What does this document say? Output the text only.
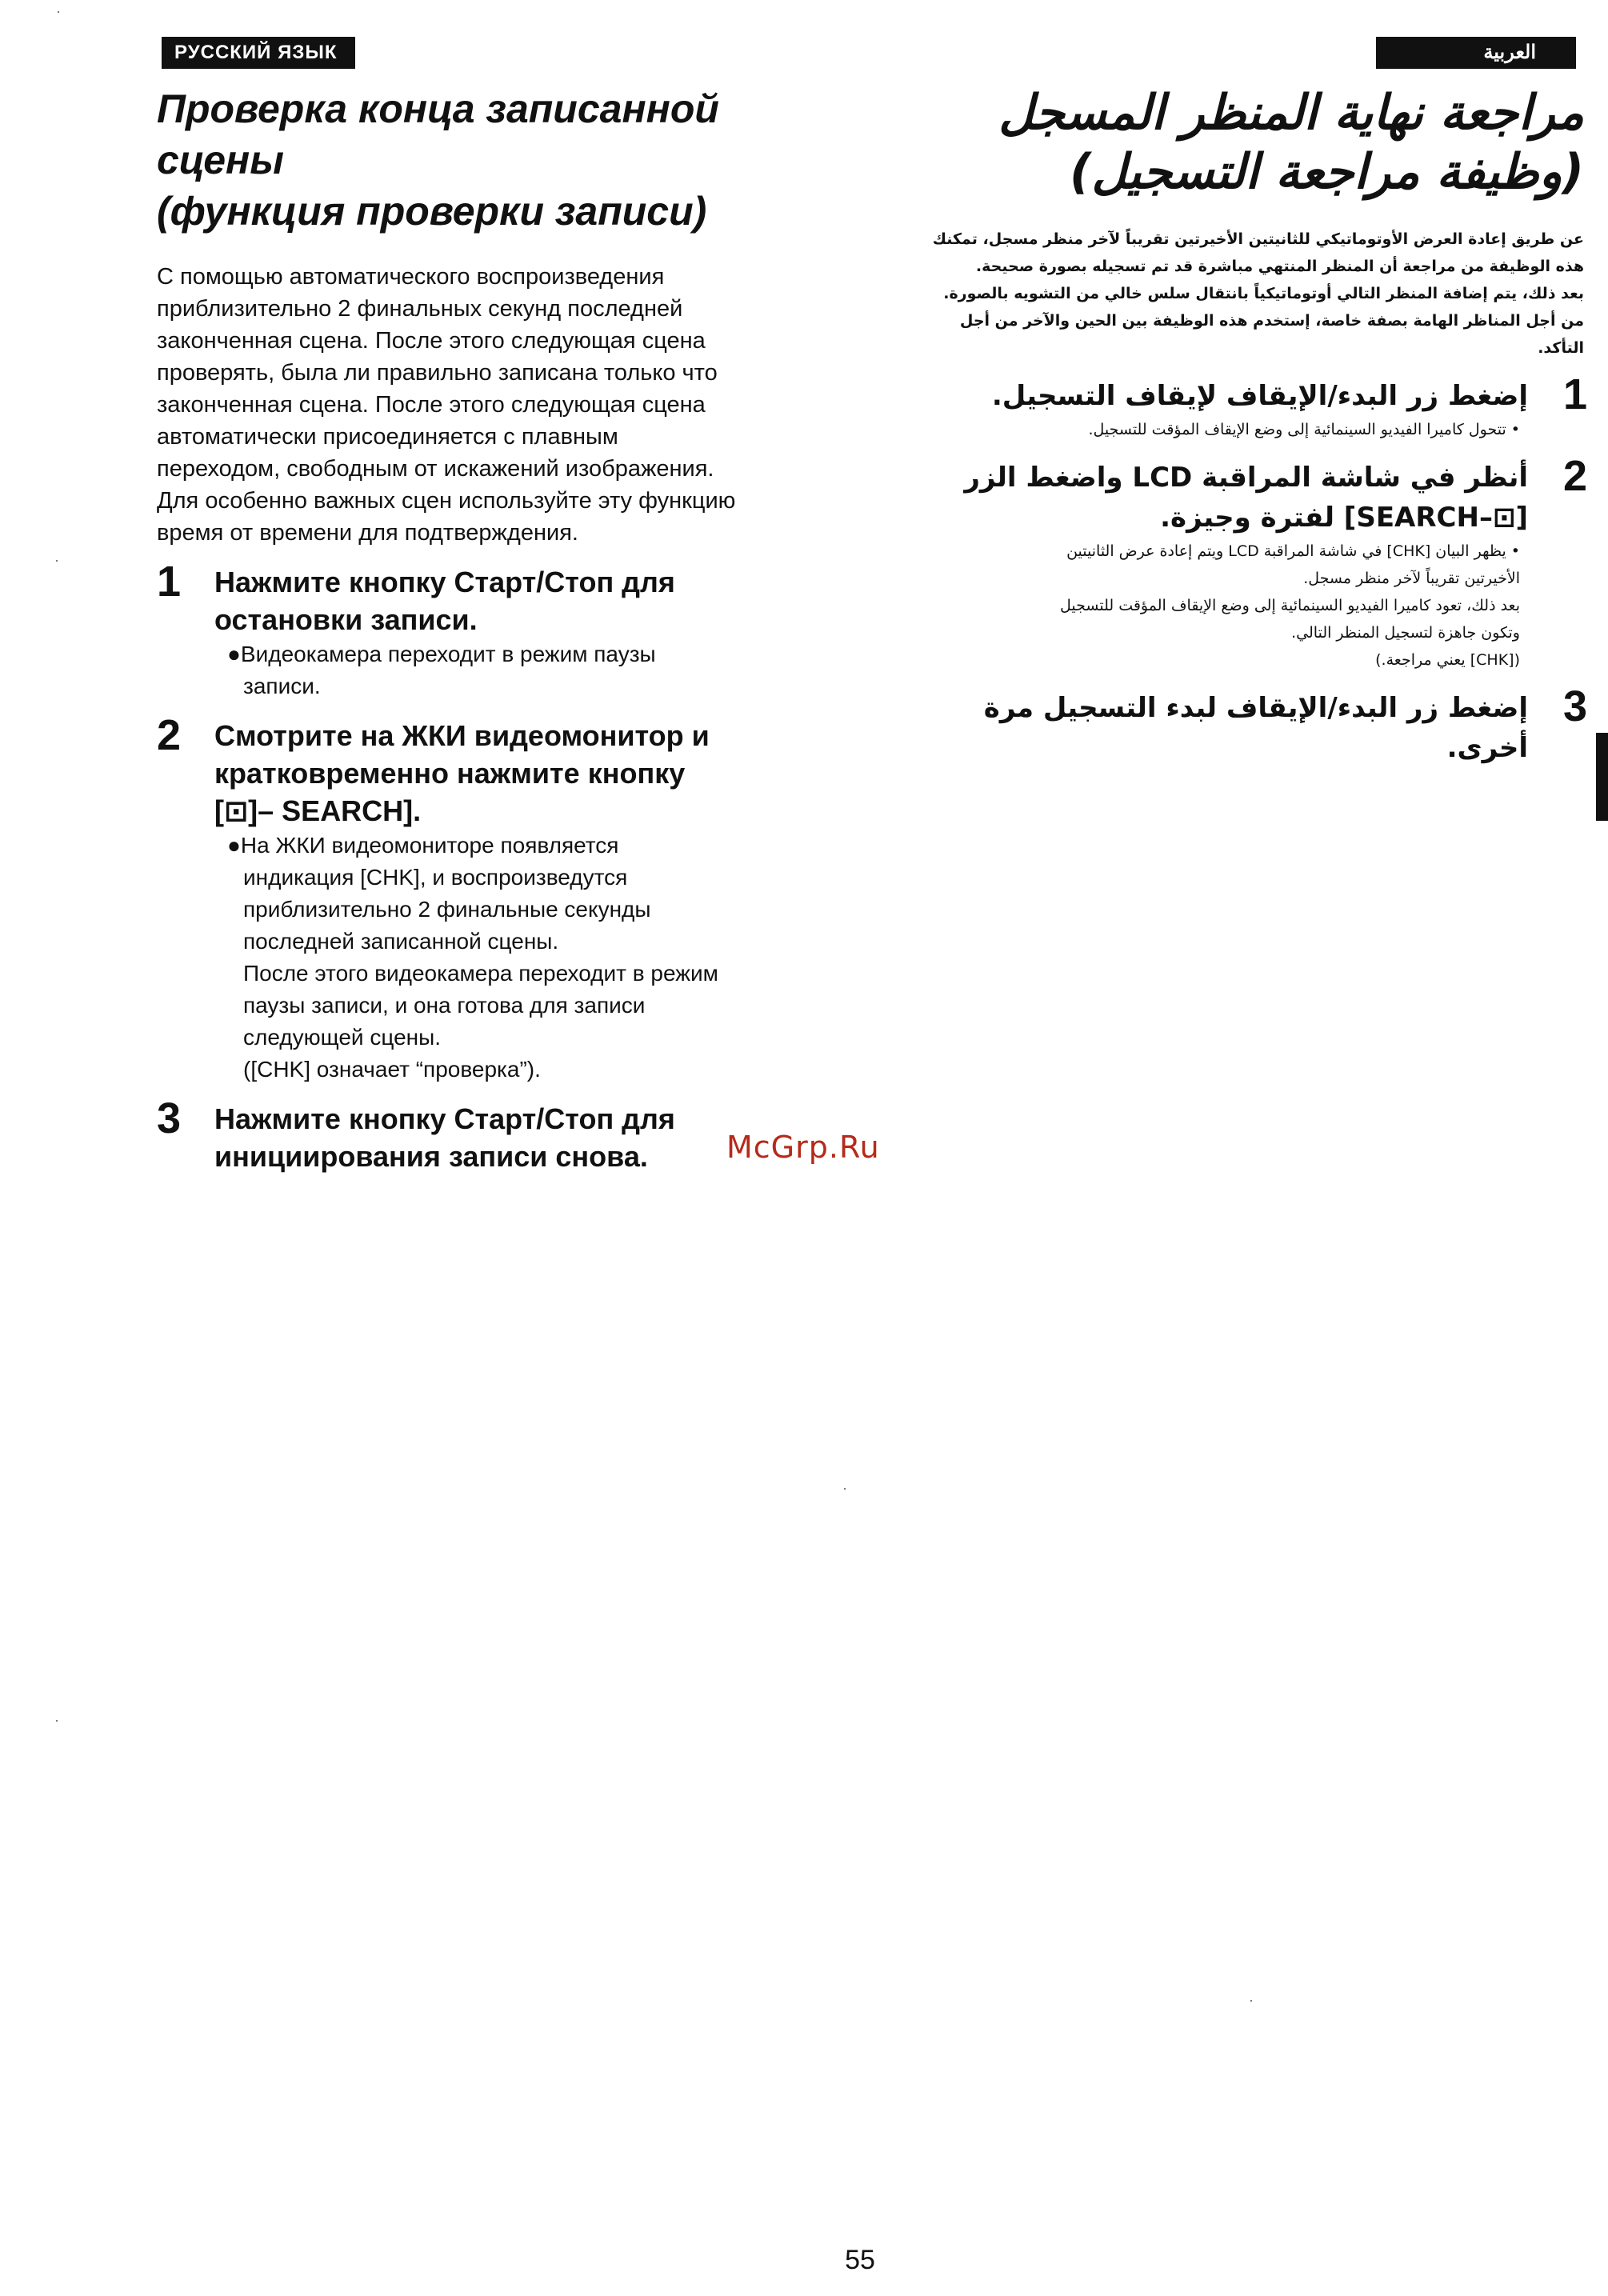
РУССКИЙ ЯЗЫК	العربية
Проверка конца записанной
сцены
(функция проверки записи)

С помощью автоматического воспроизведения

приблизительно 2 финальных секунд последней

законченная сцена. После этого следующая сцена

проверять, была ли правильно записана только что

законченная сцена. После этого следующая сцена

автоматически присоединяется с плавным

переходом, свободным от искажений изображения.

Для особенно важных сцен используйте эту функцию

время от времени для подтверждения.

1 Нажмите кнопку Старт/Стоп для
остановки записи.
●Видеокамера переходит в режим паузы
записи.
2 Смотрите на ЖКИ видеомонитор и
кратковременно нажмите кнопку
[⊡]– SEARCH].
●На ЖКИ видеомониторе появляется
индикация [CHK], и воспроизведутся
приблизительно 2 финальные секунды
последней записанной сцены.
После этого видеокамера переходит в режим
паузы записи, и она готова для записи
следующей сцены.
([CHK] означает “проверка”).
3 Нажмите кнопку Старт/Стоп для
инициирования записи снова.
مراجعة نهاية المنظر المسجل
(وظيفة مراجعة التسجيل)

عن طريق إعادة العرض الأوتوماتيكي للثانيتين الأخيرتين تقريباً لآخر منظر مسجل، تمكنك

هذه الوظيفة من مراجعة أن المنظر المنتهي مباشرة قد تم تسجيله بصورة صحيحة.

بعد ذلك، يتم إضافة المنظر التالي أوتوماتيكياً بانتقال سلس خالي من التشويه بالصورة.

من أجل المناظر الهامة بصفة خاصة، إستخدم هذه الوظيفة بين الحين والآخر من أجل

التأكد.

1
إضغط زر البدء/الإيقاف لإيقاف التسجيل.
• تتحول كاميرا الفيديو السينمائية إلى وضع الإيقاف المؤقت للتسجيل.
2
أنظر في شاشة المراقبة LCD واضغط الزر
[⊡–SEARCH] لفترة وجيزة.
• يظهر البيان [CHK] في شاشة المراقبة LCD ويتم إعادة عرض الثانيتين
الأخيرتين تقريباً لآخر منظر مسجل.
بعد ذلك، تعود كاميرا الفيديو السينمائية إلى وضع الإيقاف المؤقت للتسجيل
وتكون جاهزة لتسجيل المنظر التالي.
([CHK] يعني مراجعة.)
3
إضغط زر البدء/الإيقاف لبدء التسجيل مرة أخرى.
McGrp.Ru
55
